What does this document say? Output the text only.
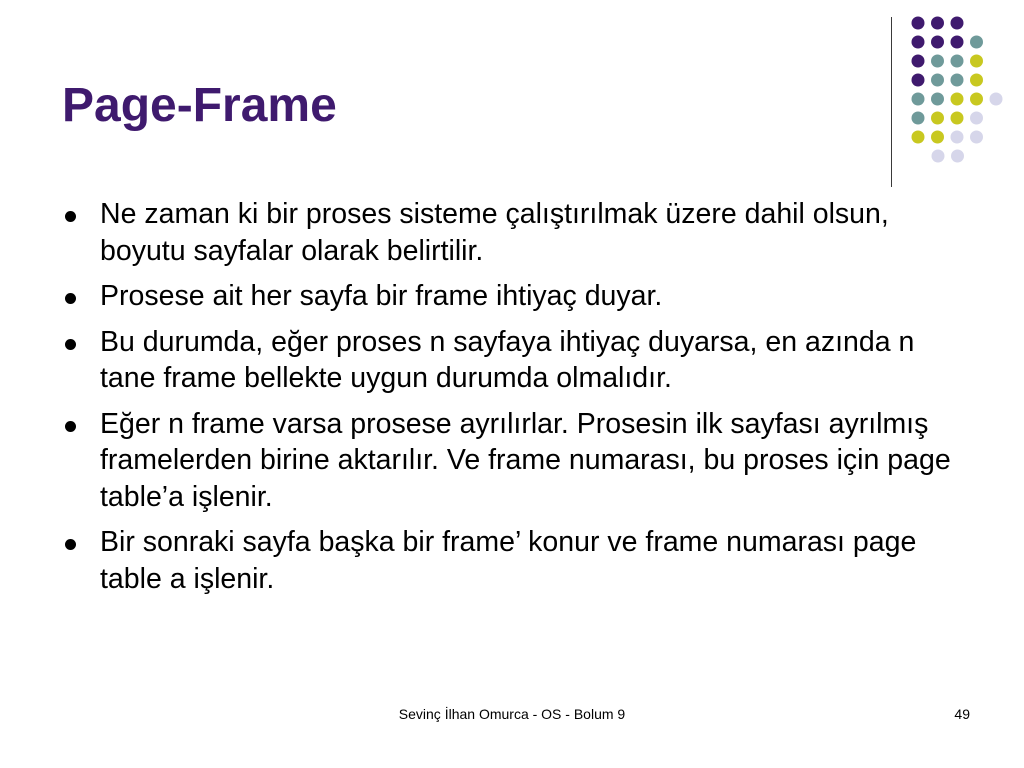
Page-Frame
Ne zaman ki bir proses sisteme çalıştırılmak üzere dahil olsun, boyutu sayfalar olarak belirtilir.
Prosese ait her sayfa bir frame ihtiyaç duyar.
Bu durumda, eğer proses n sayfaya ihtiyaç duyarsa, en azında n tane frame bellekte uygun durumda olmalıdır.
Eğer n frame varsa prosese ayrılırlar. Prosesin ilk sayfası ayrılmış framelerden birine aktarılır. Ve frame numarası, bu proses için page table’a işlenir.
Bir sonraki sayfa başka bir frame’ konur ve frame numarası page table a işlenir.
Sevinç İlhan Omurca - OS - Bolum 9	49
